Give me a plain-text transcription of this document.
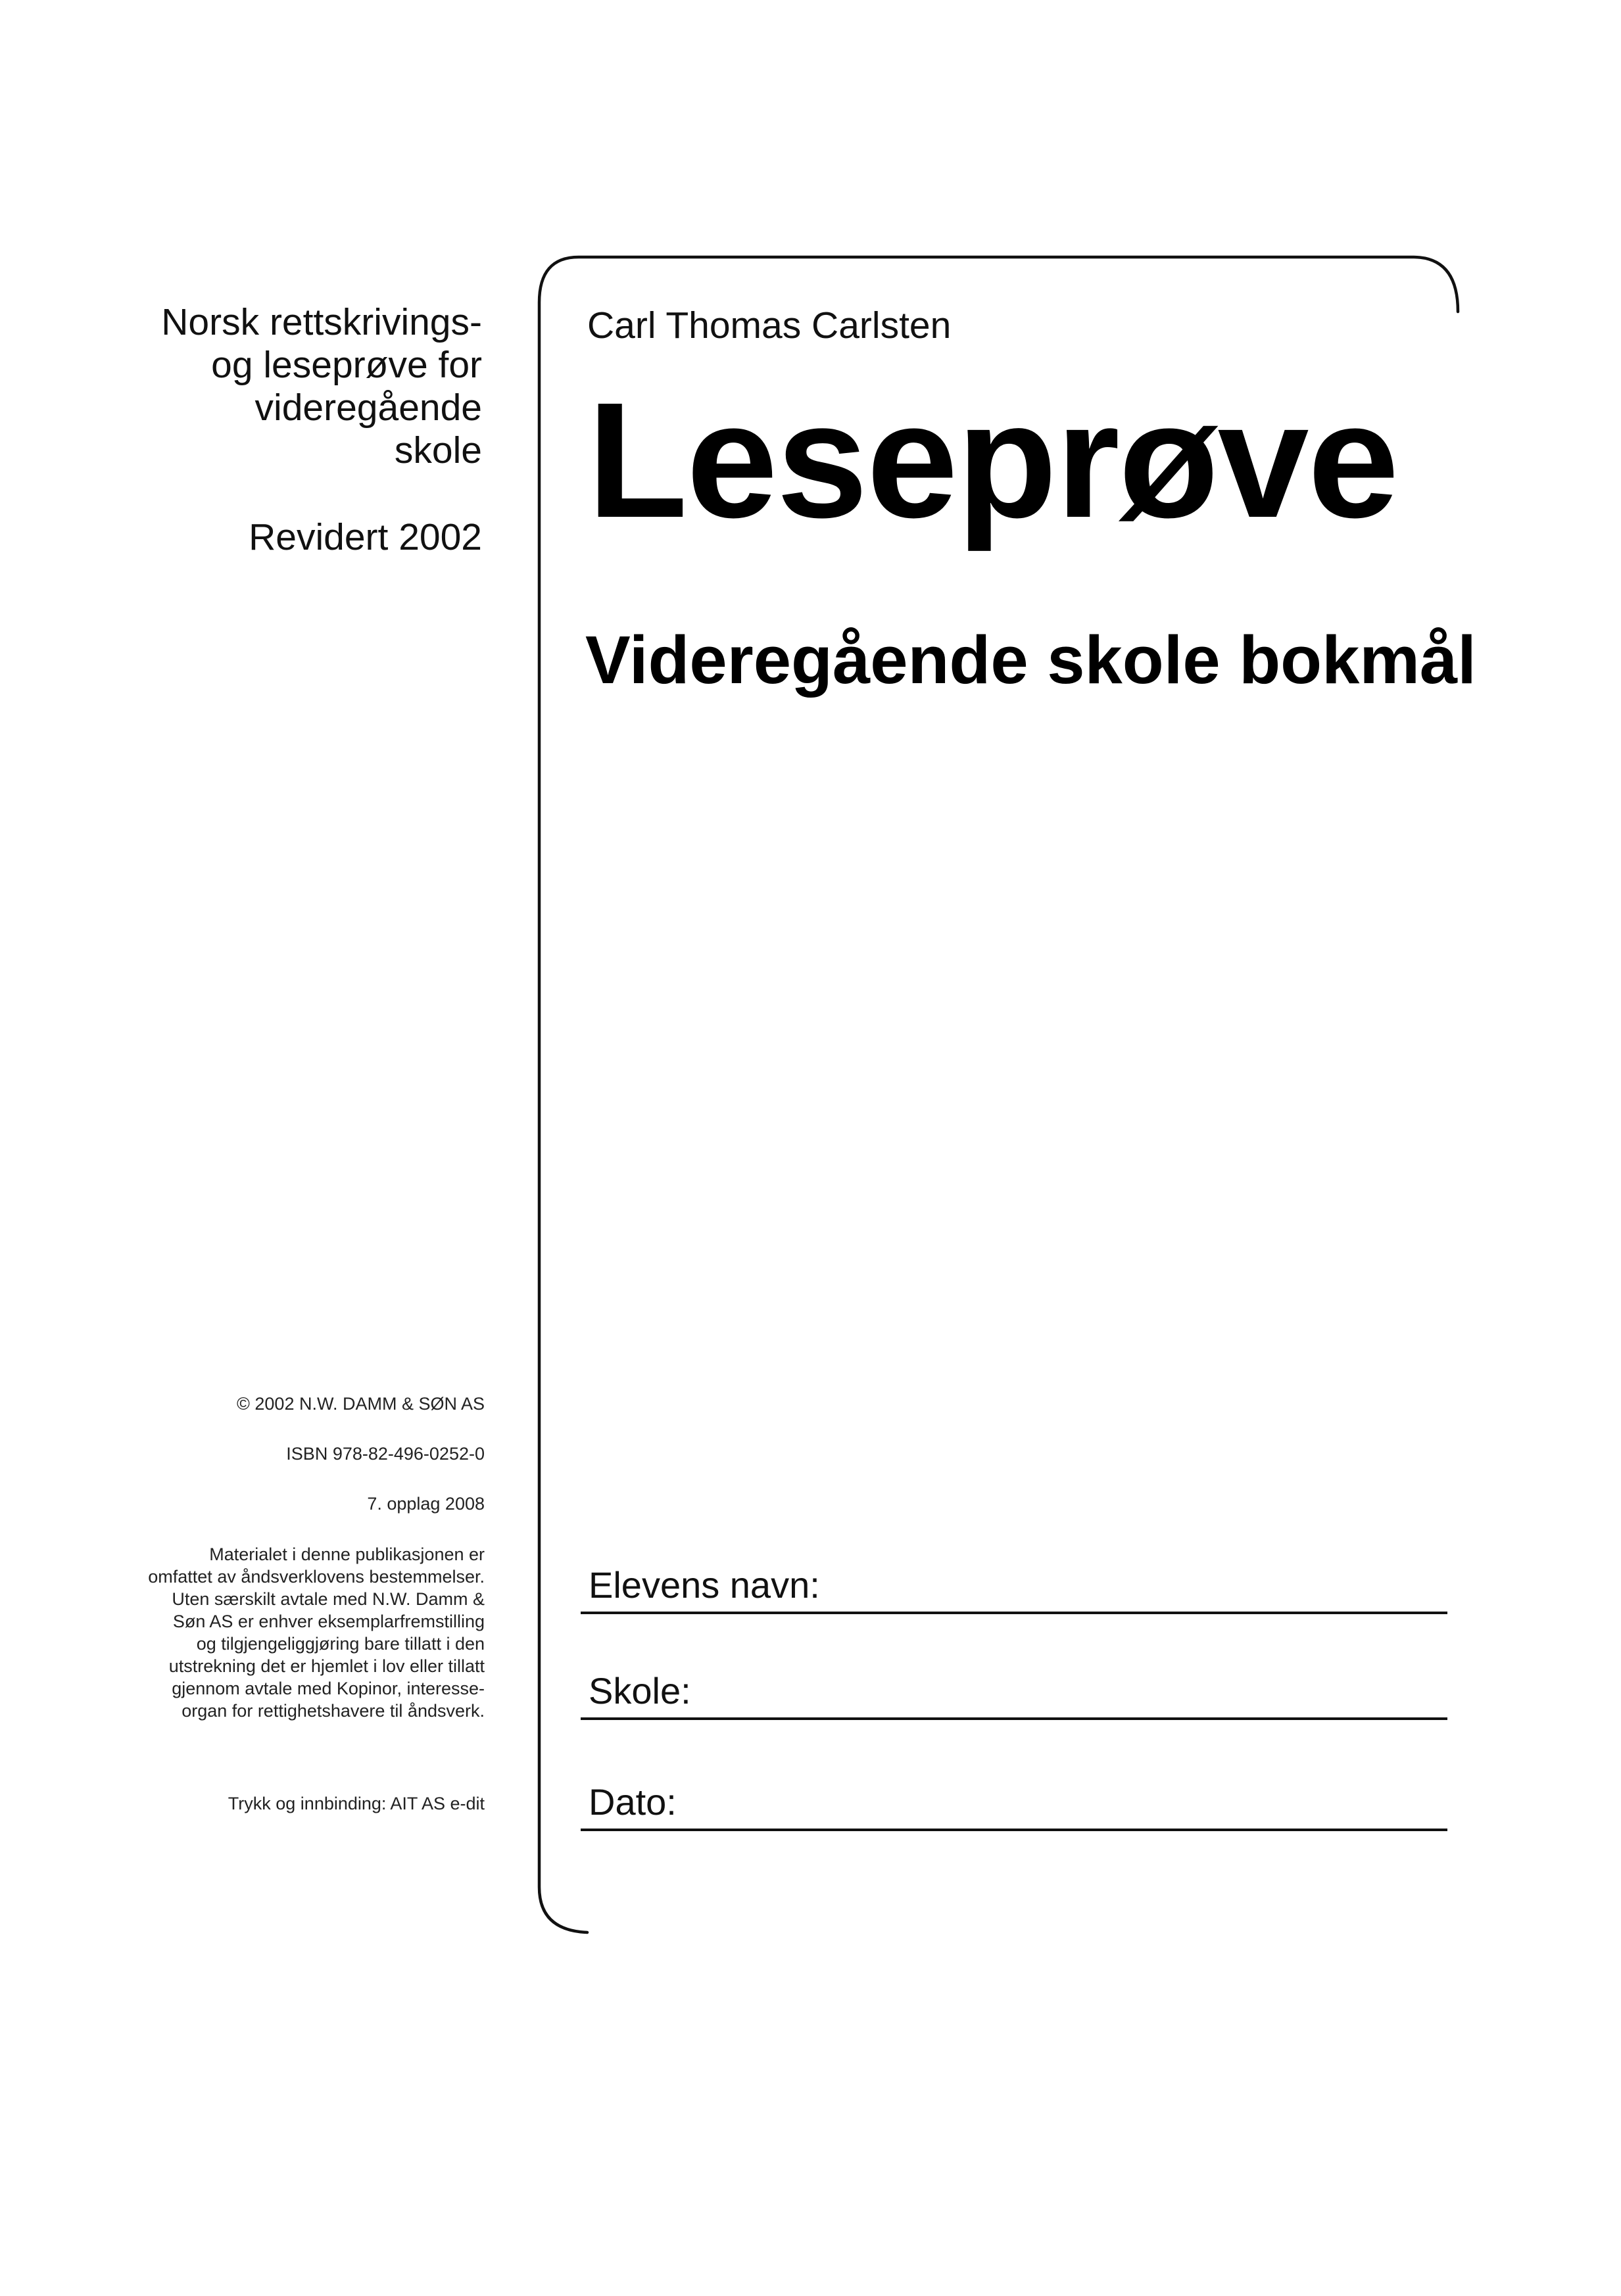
Norsk rettskrivings-
og leseprøve for
videregående
skole
Revidert 2002
© 2002 N.W. DAMM & SØN AS
ISBN 978-82-496-0252-0
7. opplag 2008
Materialet i denne publikasjonen er
omfattet av åndsverklovens bestemmelser.
Uten særskilt avtale med N.W. Damm &
Søn AS er enhver eksemplarfremstilling
og tilgjengeliggjøring bare tillatt i den
utstrekning det er hjemlet i lov eller tillatt
gjennom avtale med Kopinor, interesse-
organ for rettighetshavere til åndsverk.
Trykk og innbinding: AIT AS e-dit
Carl Thomas Carlsten
Leseprøve
Videregående skole bokmål
Elevens navn:
Skole:
Dato:
